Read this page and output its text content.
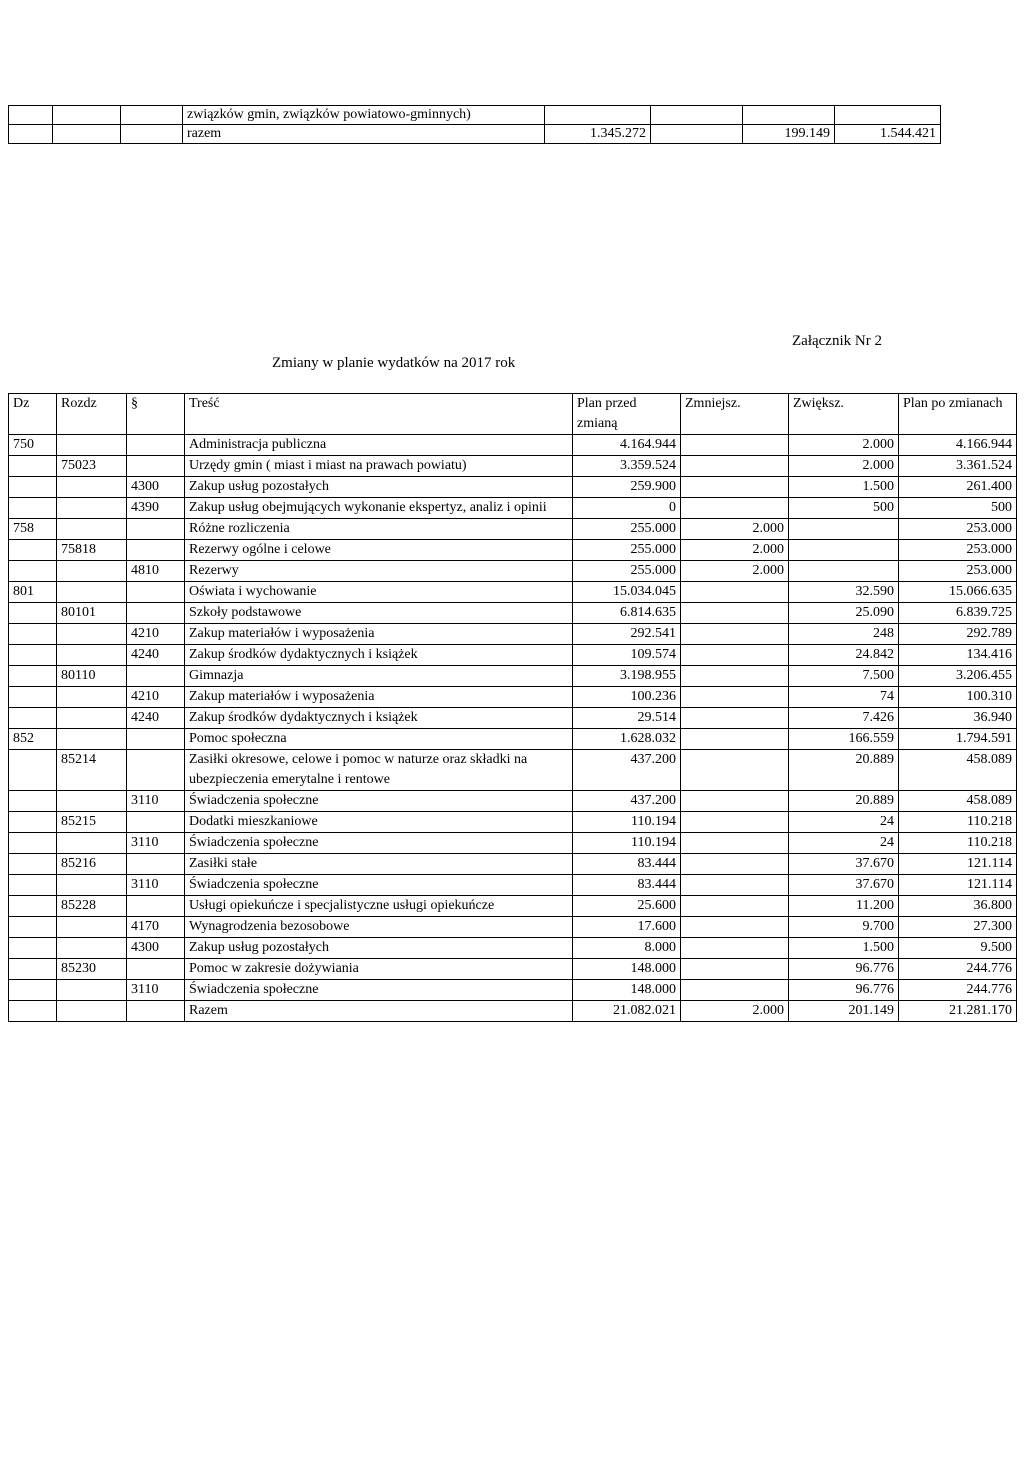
			związków gmin, związków powiatowo-gminnych)				
			razem	1.345.272		199.149	1.544.421
Załącznik Nr 2
Zmiany w planie wydatków na 2017 rok
Dz	Rozdz	§	Treść	Plan przed zmianą	Zmniejsz.	Zwiększ.	Plan po zmianach
750			Administracja publiczna	4.164.944		2.000	4.166.944
	75023		Urzędy gmin ( miast i miast na prawach powiatu)	3.359.524		2.000	3.361.524
		4300	Zakup usług pozostałych	259.900		1.500	261.400
		4390	Zakup usług obejmujących wykonanie ekspertyz, analiz i opinii	0		500	500
758			Różne rozliczenia	255.000	2.000		253.000
	75818		Rezerwy ogólne i celowe	255.000	2.000		253.000
		4810	Rezerwy	255.000	2.000		253.000
801			Oświata i wychowanie	15.034.045		32.590	15.066.635
	80101		Szkoły podstawowe	6.814.635		25.090	6.839.725
		4210	Zakup materiałów i wyposażenia	292.541		248	292.789
		4240	Zakup środków dydaktycznych i książek	109.574		24.842	134.416
	80110		Gimnazja	3.198.955		7.500	3.206.455
		4210	Zakup materiałów i wyposażenia	100.236		74	100.310
		4240	Zakup środków dydaktycznych i książek	29.514		7.426	36.940
852			Pomoc społeczna	1.628.032		166.559	1.794.591
	85214		Zasiłki okresowe, celowe i pomoc w naturze oraz składki na ubezpieczenia emerytalne i rentowe	437.200		20.889	458.089
		3110	Świadczenia społeczne	437.200		20.889	458.089
	85215		Dodatki mieszkaniowe	110.194		24	110.218
		3110	Świadczenia społeczne	110.194		24	110.218
	85216		Zasiłki stałe	83.444		37.670	121.114
		3110	Świadczenia społeczne	83.444		37.670	121.114
	85228		Usługi opiekuńcze i specjalistyczne usługi opiekuńcze	25.600		11.200	36.800
		4170	Wynagrodzenia bezosobowe	17.600		9.700	27.300
		4300	Zakup usług pozostałych	8.000		1.500	9.500
	85230		Pomoc w zakresie dożywiania	148.000		96.776	244.776
		3110	Świadczenia społeczne	148.000		96.776	244.776
			Razem	21.082.021	2.000	201.149	21.281.170
